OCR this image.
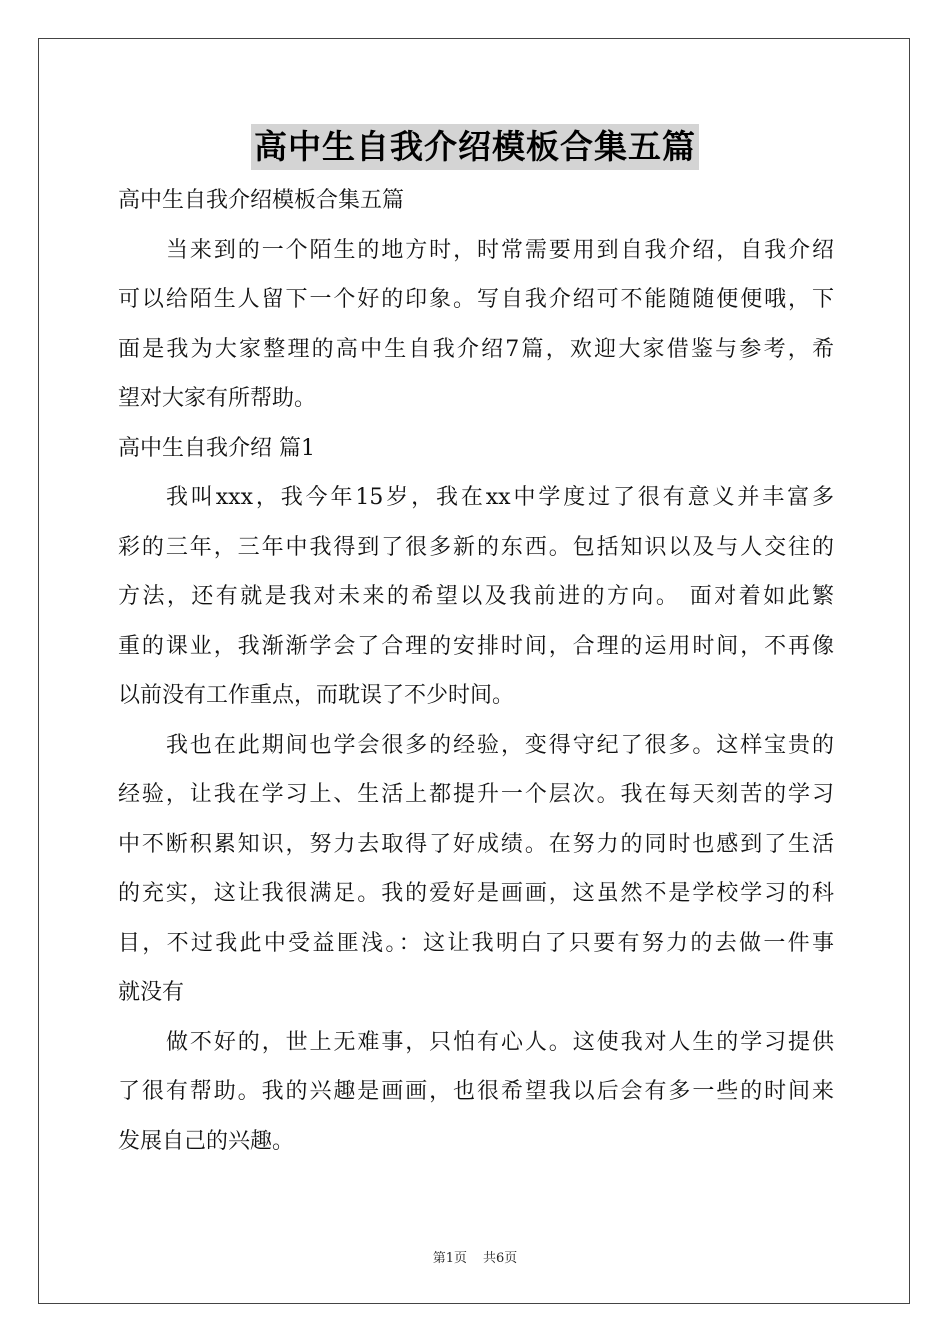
高中生自我介绍模板合集五篇

高中生自我介绍模板合集五篇

当来到的一个陌生的地方时，时常需要用到自我介绍，自我介绍

可以给陌生人留下一个好的印象。写自我介绍可不能随随便便哦，下

面是我为大家整理的高中生自我介绍7篇，欢迎大家借鉴与参考，希

望对大家有所帮助。

高中生自我介绍 篇1

我叫xxx，我今年15岁，我在xx中学度过了很有意义并丰富多

彩的三年，三年中我得到了很多新的东西。包括知识以及与人交往的

方法，还有就是我对未来的希望以及我前进的方向。 面对着如此繁

重的课业，我渐渐学会了合理的安排时间，合理的运用时间，不再像

以前没有工作重点，而耽误了不少时间。

我也在此期间也学会很多的经验，变得守纪了很多。这样宝贵的

经验，让我在学习上、生活上都提升一个层次。我在每天刻苦的学习

中不断积累知识，努力去取得了好成绩。在努力的同时也感到了生活

的充实，这让我很满足。我的爱好是画画，这虽然不是学校学习的科

目，不过我此中受益匪浅。：这让我明白了只要有努力的去做一件事

就没有

做不好的，世上无难事，只怕有心人。这使我对人生的学习提供

了很有帮助。我的兴趣是画画，也很希望我以后会有多一些的时间来

发展自己的兴趣。

第1页 共6页
